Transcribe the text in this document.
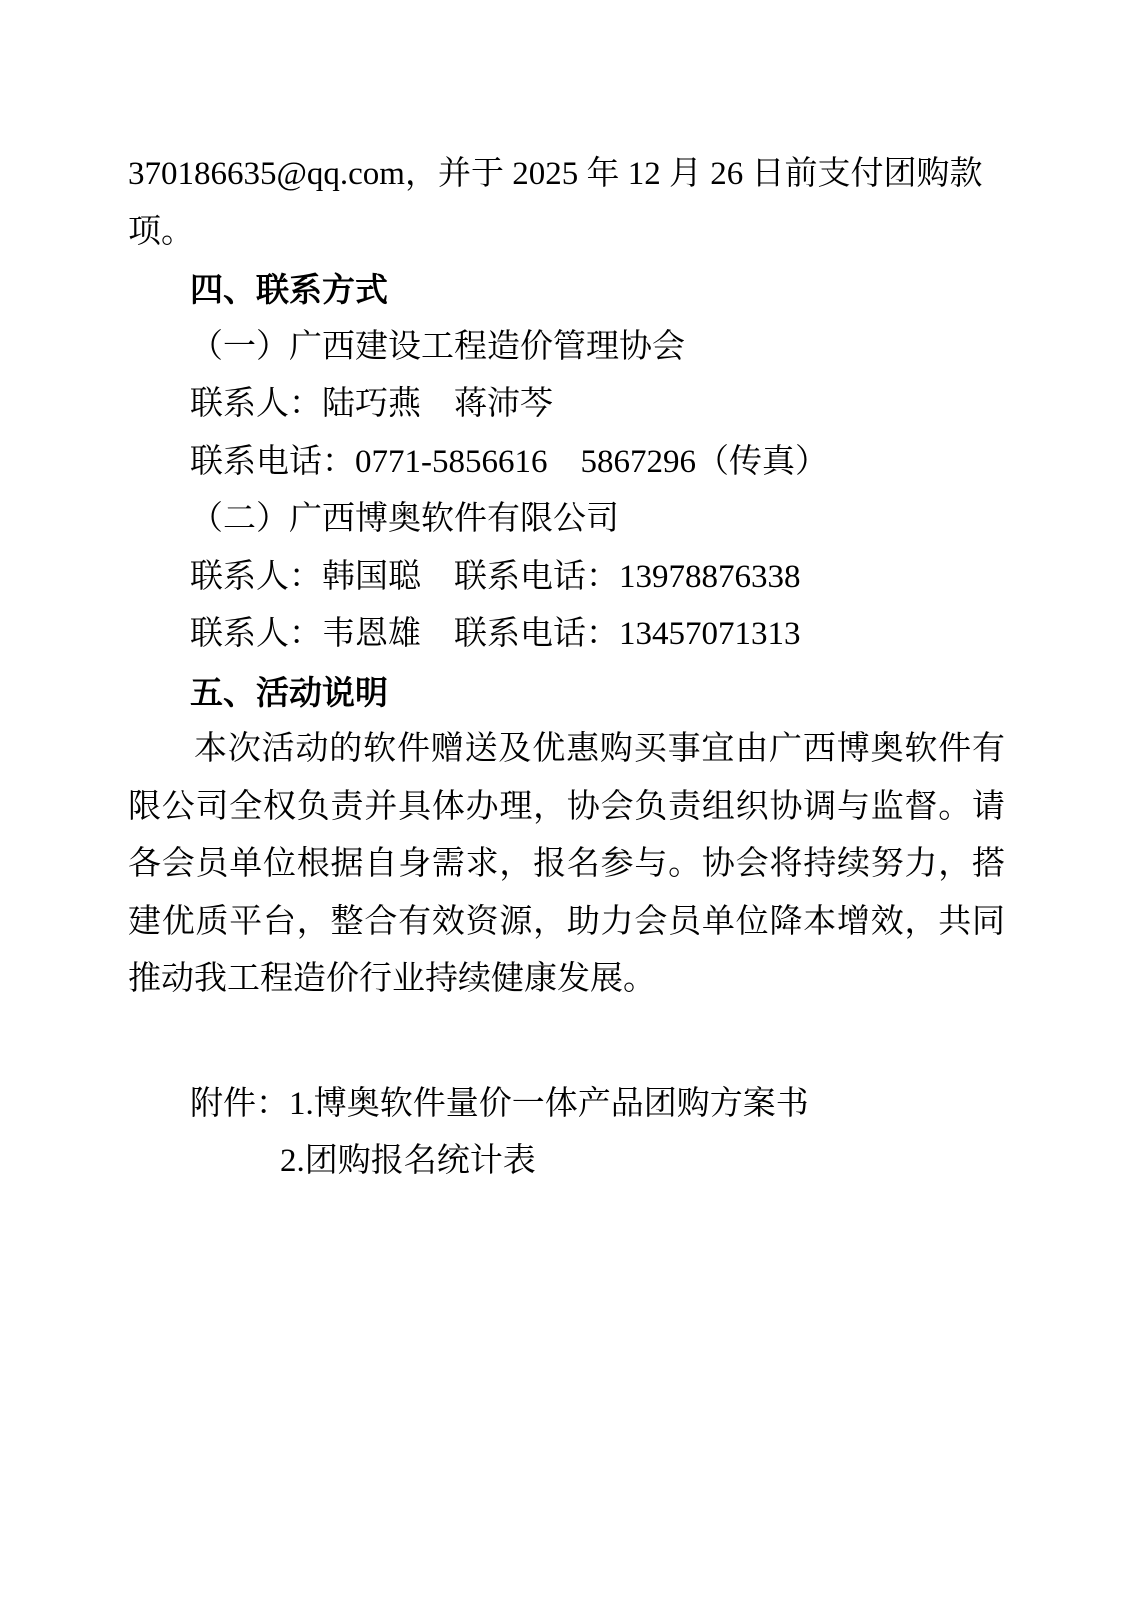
370186635@qq.com，并于 2025 年 12 月 26 日前支付团购款项。

四、联系方式

（一）广西建设工程造价管理协会

联系人：陆巧燕　蒋沛芩

联系电话：0771-5856616　5867296（传真）

（二）广西博奥软件有限公司

联系人：韩国聪　联系电话：13978876338

联系人：韦恩雄　联系电话：13457071313

五、活动说明

本次活动的软件赠送及优惠购买事宜由广西博奥软件有限公司全权负责并具体办理，协会负责组织协调与监督。请各会员单位根据自身需求，报名参与。协会将持续努力，搭建优质平台，整合有效资源，助力会员单位降本增效，共同推动我工程造价行业持续健康发展。

附件：1.博奥软件量价一体产品团购方案书

2.团购报名统计表
